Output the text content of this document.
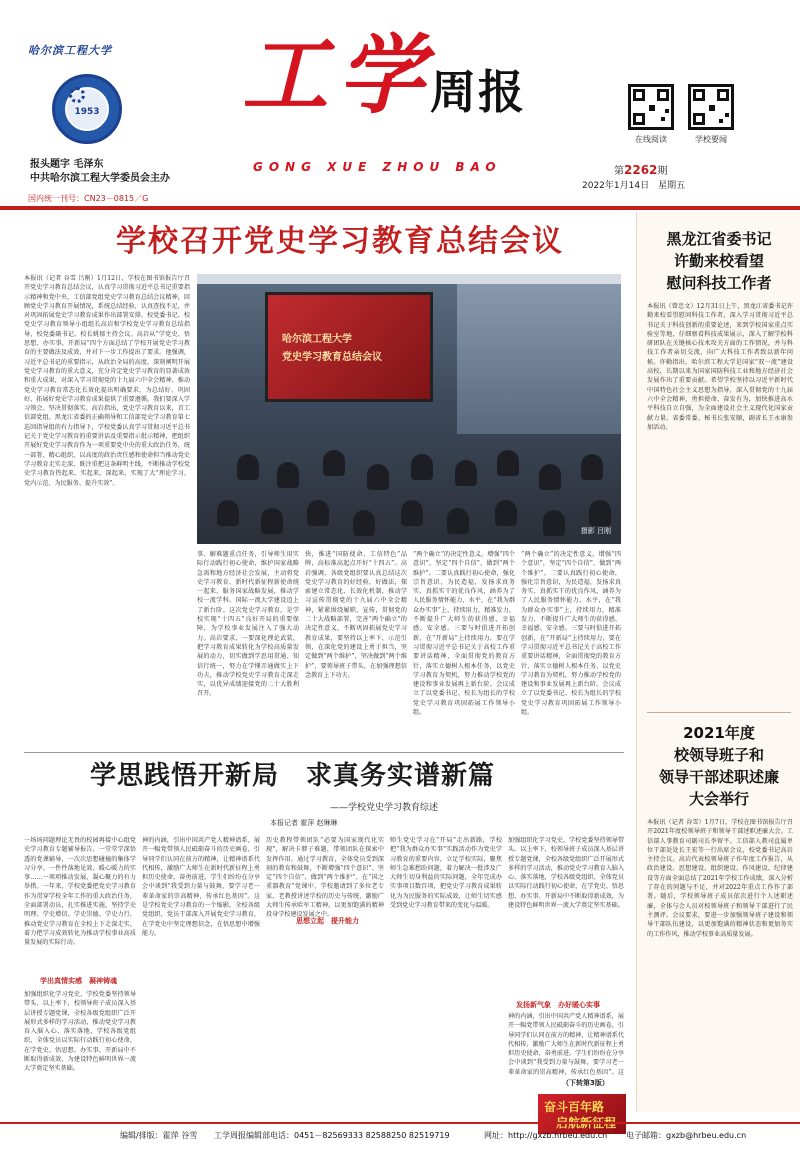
哈尔滨工程大学
1953
报头题字 毛泽东
中共哈尔滨工程大学委员会主办
国内统一刊号：CN23－0815／G
工学
周报
GONG XUE ZHOU BAO
在线阅读	学校要闻
第2262期
2022年1月14日　星期五
学校召开党史学习教育总结会议
本报讯（记者 谷雪 吕刚）1月12日，学校在图书馆报告厅召开党史学习教育总结会议，认真学习贯彻习近平总书记重要指示精神和党中央、工信部党组党史学习教育总结会议精神，回顾党史学习教育开展情况，系统总结经验，认真查找不足，并对巩固拓展党史学习教育成果作出部署安排。校党委书记、校党史学习教育领导小组组长高岩和学校党史学习教育总结指导，校党委副书记、校长姚郁主持会议。高岩从“学党史、悟思想、办实事、开新局”四个方面总结了学校开展党史学习教育的主要做法及成效，并对下一步工作提出了要求。他强调，习近平总书记的重要指示，从政治全局的高度，深刻阐明开展党史学习教育的重大意义，充分肯定党史学习教育的显著成效和重大成果，对深入学习贯彻党的十九届六中全会精神、推动党史学习教育常态化长效化提出明确要求，为总结好、巩固好、拓展好党史学习教育成果提供了重要遵循。我们要深入学习领会、坚决贯彻落实。高岩指出，党史学习教育以来，首工信部党组、黑龙江省委的正确领导和工信部党史学习教育第七巡回指导组的有力指导下，学校党委认真学习贯彻习近平总书记关于党史学习教育的重要讲话及重要指示批示精神，把组织开展好党史学习教育作为一项重要党中央的重大政治任务，统一部署、精心组织，以高度的政治责任感和使命担当推动党史学习教育走实走深，既注重把这条鲜明主线，不断推动学校党史学习教育热起来、实起来、深起来，实现了大“理论学习、党内示范、为民服务、提升实效”。
哈尔滨工程大学
党史学习教育总结会议
摄影 吕刚
事、解难题重点任务，引导师生用实际行动践行初心使命，维护国家战略急需和地方经济社会发展，主动将党史学习教育、新时代新征程新使命统一起来、服务国家战略发展，推动学校一流学科、国际一流大学建设迈上了新台阶。这次党史学习教育，是学校实现“十四五”良好开局的重要保障，为学校事业发展注入了强大动力。高岩要求，一要深化理论武装，把学习教育成果转化为学校高质量发展的动力，切实做到学思用贯通、知信行统一，努力在学懂弄通做实上下功夫，推动学校党史学习教育走深走实，以优异成绩迎接党的二十大胜利召开。
快，推进“国防使命、工信特色”品牌，高标准高起点开好“十四五”。高岩强调，各级党组织要认真总结这次党史学习教育的好经验，好做法，探索建立常态化、长效化机制，推动学习宣传贯彻党的十九届六中全会精神，紧紧围绕履职、宣传，贯彻党的二十大战略部署，完善“两个确立”的决定性意义，不断巩固拓展党史学习教育成果，要坚持以上率下、示范引领，在深化党的建设上勇于担当，坚定做到“两个维护”，坚决做到“两个维护”，要领导班子带头，在加强理想信念教育上下功夫。
“两个确立”的决定性意义，增强“四个意识”，坚定“四个自信”，做到“两个维护”。二要认真践行初心使命，强化宗旨意识，为民造福，发扬求真务实、真抓实干的优良作风，涵养为了人民服务情怀能力、水平，在“我为群众办实事”上，持续用力，精准发力，不断提升广大师生的获得感、幸福感、安全感。三要与时俱进开拓创新，在“开新局”上持续用力，要在学习贯彻习近平总书记关于高校工作重要讲话精神，全面贯彻党的教育方针，落实立德树人根本任务，以党史学习教育为契机，努力推动学校党的建设和事业发展再上新台阶。会议成立了以党委书记、校长为组长的学校党史学习教育巩固拓展工作领导小组。
“两个确立”的决定性意义，增强“四个意识”，坚定“四个自信”，做到“两个维护”。二要认真践行初心使命，强化宗旨意识，为民造福，发扬求真务实、真抓实干的优良作风，涵养为了人民服务情怀能力、水平，在“我为群众办实事”上，持续用力，精准发力，不断提升广大师生的获得感、幸福感、安全感。三要与时俱进开拓创新，在“开新局”上持续用力，要在学习贯彻习近平总书记关于高校工作重要讲话精神，全面贯彻党的教育方针，落实立德树人根本任务，以党史学习教育为契机，努力推动学校党的建设和事业发展再上新台阶。会议成立了以党委书记、校长为组长的学校党史学习教育巩固拓展工作领导小组。
黑龙江省委书记
许勤来校看望
慰问科技工作者
本报讯（曾忠文）12月31日上午，黑龙江省委书记许勤来校看望慰问科技工作者，深入学习贯彻习近平总书记关于科技创新的重要论述，来到学校国家重点实验室等地，仔细察看科技成果展示，深入了解学校科研团队在关键核心技术攻关方面的工作情况，并与科技工作者亲切交流，向广大科技工作者致以新年问候。许勤指出，哈尔滨工程大学是国家“双一流”建设高校，长期以来为国家国防科技工业和地方经济社会发展作出了重要贡献。希望学校坚持以习近平新时代中国特色社会主义思想为指导，深入贯彻党的十九届六中全会精神，勇担使命，奋发有为，加快推进高水平科技自立自强，为全面建设社会主义现代化国家贡献力量。省委常委、秘书长张安顺，副省长王永康参加活动。
2021年度
校领导班子和
领导干部述职述廉
大会举行
本报讯（记者 谷雪）1月7日，学校在图书馆报告厅召开2021年度校领导班子和领导干部述职述廉大会。工信部人事教育司副司长李留平、工信部人教司直属单位干部处处长王宏等一行出席会议，校党委书记高岩主持会议。高岩代表校领导班子作年度工作报告，从政治建设、思想建设、组织建设、作风建设、纪律建设等方面全面总结了2021年学校工作成绩，深入分析了存在的问题与不足，并对2022年重点工作作了部署。随后，学校领导班子成员依次进行个人述职述廉，全体与会人员对校领导班子和领导干部进行了民主测评。会议要求，要进一步加强领导班子建设和领导干部队伍建设，以更加饱满的精神状态和更加务实的工作作风，推动学校事业高质量发展。
学思践悟开新局　求真务实谱新篇
——学校党史学习教育综述
本报记者 霍萍 赵琳琳
一场场问题理论无畏的校园再接中心组党史学习教育专题辅导报告、一堂堂学深悟透的党课辅导、一次次思想碰撞的集体学习分享、一件件落地见效、暖心暖力的实事……一项项推动发展、凝心聚力的有力举措。一年来，学校党委把党史学习教育作为贯穿学校全年工作的重大政治任务，全面部署动员，扎实推进实施，坚持学史明理、学史增信、学史崇德、学史力行，推动党史学习教育在全校上下走深走实，着力把学习成效转化为推动学校事业高质量发展的实际行动。
学出真情实感　凝神铸魂
加强组织化学习党史，学校党委坚持领导带头、以上率下，校领导班子成员深入基层讲授专题党课，全校各级党组织广泛开展形式多样的学习活动，推动党史学习教育入脑入心、落实落地，学校各级党组织、全体党员以实际行动践行初心使命，在学党史、悟思想、办实事、开新局中不断取得新成效，为建设特色鲜明世界一流大学奠定坚实基础。
神的内涵，引出中国共产党人精神谱系，展开一幅党带领人民砥砺奋斗的历史画卷，引导同学们认同在前方的精神，让精神谱系代代相传，激励广大师生在新时代新征程上勇担历史使命、奋勇前进。学生们纷纷在分享会中谈到“我受到力量与鼓舞，要学习老一辈革命家的崇高精神，传承红色基因”。这是学校党史学习教育的一个缩影，全校各级党组织、党员干部深入开展党史学习教育，在学党史中坚定理想信念，在悟思想中增强能力。
历史教程带领团队“必要为国家现代化实现”，解决卡脖子难题，带领团队在探索中发挥作用。通过学习教育，全体党员受到深刻的教育和鼓舞，不断增强“四个意识”、坚定“四个自信”、做到“两个维护”。在“国之重器教育”党课中，学校邀请到了多位老专家、老教授讲述学校的历史与传统，激励广大师生传承哈军工精神，以更加饱满的精神投身学校建设发展之中。
思想立起　提升能力
师生党史学习在“开局”走出新路，学校把“我为群众办实事”实践活动作为党史学习教育的重要内容，立足学校实际，聚焦师生急难愁盼问题，着力解决一批涉及广大师生切身利益的实际问题，全年完成办实事项目数百项，把党史学习教育成果转化为为民服务的实际成效，让师生切实感受到党史学习教育带来的变化与温暖。
加强组织化学习党史，学校党委坚持领导带头、以上率下，校领导班子成员深入基层讲授专题党课，全校各级党组织广泛开展形式多样的学习活动，推动党史学习教育入脑入心、落实落地，学校各级党组织、全体党员以实际行动践行初心使命，在学党史、悟思想、办实事、开新局中不断取得新成效，为建设特色鲜明世界一流大学奠定坚实基础。
发扬新气象　办好暖心实事
神的内涵，引出中国共产党人精神谱系，展开一幅党带领人民砥砺奋斗的历史画卷，引导同学们认同在前方的精神，让精神谱系代代相传，激励广大师生在新时代新征程上勇担历史使命、奋勇前进。学生们纷纷在分享会中谈到“我受到力量与鼓舞，要学习老一辈革命家的崇高精神，传承红色基因”。这
（下转第3版）
奋斗百年路
启航新征程
编辑/排版：霍萍 谷雪 工学周报编辑部电话：0451－82569333 82588250 82519719	网址：http://gxzb.hrbeu.edu.cn 电子邮箱：gxzb@hrbeu.edu.cn
